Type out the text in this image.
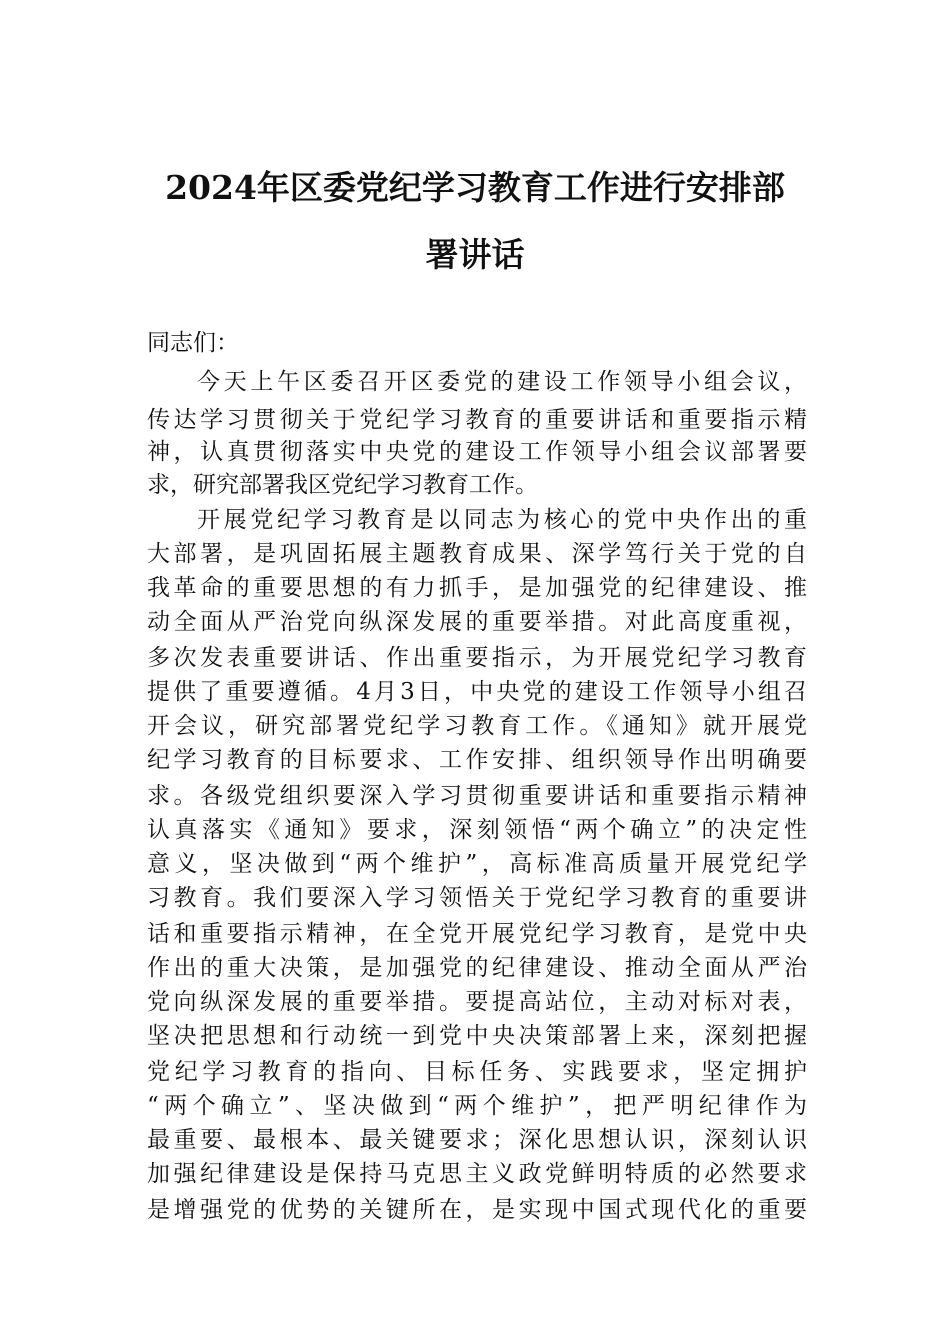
2024年区委党纪学习教育工作进行安排部
署讲话
同志们：
今天上午区委召开区委党的建设工作领导小组会议，
传达学习贯彻关于党纪学习教育的重要讲话和重要指示精
神，认真贯彻落实中央党的建设工作领导小组会议部署要
求，研究部署我区党纪学习教育工作。
开展党纪学习教育是以同志为核心的党中央作出的重
大部署，是巩固拓展主题教育成果、深学笃行关于党的自
我革命的重要思想的有力抓手，是加强党的纪律建设、推
动全面从严治党向纵深发展的重要举措。对此高度重视，
多次发表重要讲话、作出重要指示，为开展党纪学习教育
提供了重要遵循。4月3日，中央党的建设工作领导小组召
开会议，研究部署党纪学习教育工作。《通知》就开展党
纪学习教育的目标要求、工作安排、组织领导作出明确要
求。各级党组织要深入学习贯彻重要讲话和重要指示精神
认真落实《通知》要求，深刻领悟“两个确立”的决定性
意义，坚决做到“两个维护”，高标准高质量开展党纪学
习教育。我们要深入学习领悟关于党纪学习教育的重要讲
话和重要指示精神，在全党开展党纪学习教育，是党中央
作出的重大决策，是加强党的纪律建设、推动全面从严治
党向纵深发展的重要举措。要提高站位，主动对标对表，
坚决把思想和行动统一到党中央决策部署上来，深刻把握
党纪学习教育的指向、目标任务、实践要求，坚定拥护
“两个确立”、坚决做到“两个维护”，把严明纪律作为
最重要、最根本、最关键要求；深化思想认识，深刻认识
加强纪律建设是保持马克思主义政党鲜明特质的必然要求
是增强党的优势的关键所在，是实现中国式现代化的重要
